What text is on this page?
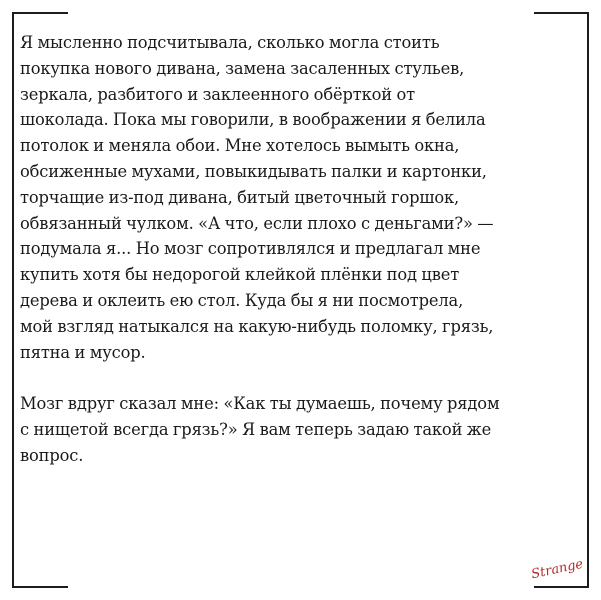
Я мысленно подсчитывала, сколько могла стоить
покупка нового дивана, замена засаленных стульев,
зеркала, разбитого и заклеенного обёрткой от
шоколада. Пока мы говорили, в воображении я белила
потолок и меняла обои. Мне хотелось вымыть окна,
обсиженные мухами, повыкидывать палки и картонки,
торчащие из-под дивана, битый цветочный горшок,
обвязанный чулком. «А что, если плохо с деньгами?» —
подумала я... Но мозг сопротивлялся и предлагал мне
купить хотя бы недорогой клейкой плёнки под цвет
дерева и оклеить ею стол. Куда бы я ни посмотрела,
мой взгляд натыкался на какую-нибудь поломку, грязь,
пятна и мусор.

Мозг вдруг сказал мне: «Как ты думаешь, почему рядом
с нищетой всегда грязь?» Я вам теперь задаю такой же
вопрос.

Strange
